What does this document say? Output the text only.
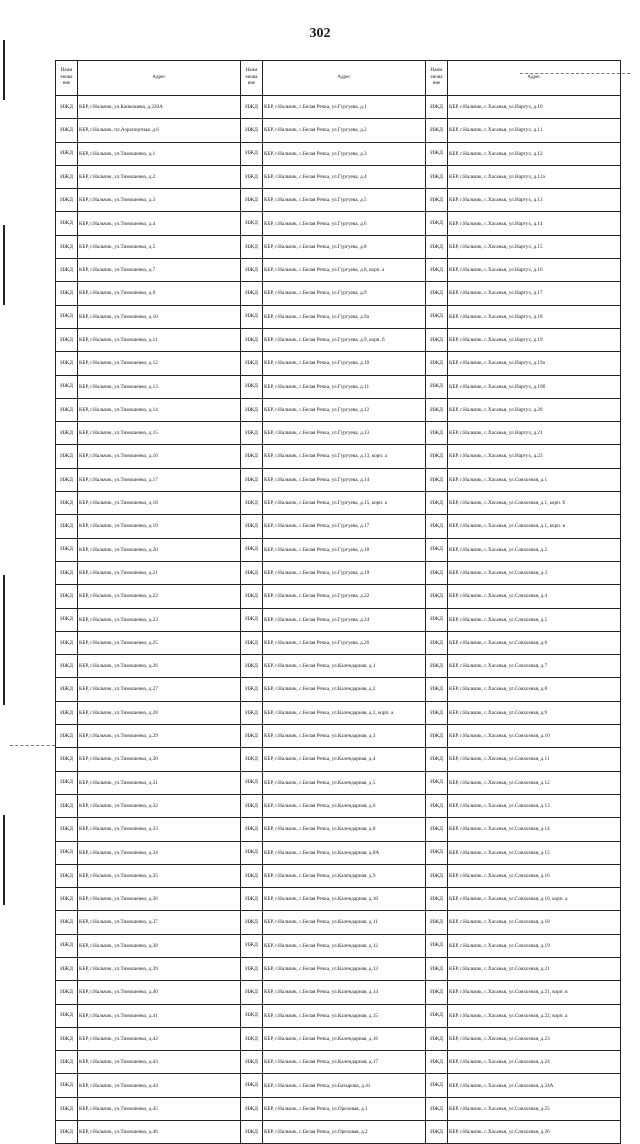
302
Наим енова ние	Адрес	Наим енова ние	Адрес	Наим енова ние	Адрес
ИЖД	КБР, г.Нальчик, ул.Канкошева, д.220А	ИЖД	КБР, г.Нальчик, с.Белая Речка, ул.Гургуева, д.1	ИЖД	КБР, г.Нальчик, с.Хасанья, ул.Нартух, д.10
ИЖД	КБР, г.Нальчик, пл.Аэропортная, д.6	ИЖД	КБР, г.Нальчик, с.Белая Речка, ул.Гургуева, д.2	ИЖД	КБР, г.Нальчик, с.Хасанья, ул.Нартух, д.11
ИЖД	КБР, г.Нальчик, ул.Тимошенко, д.1	ИЖД	КБР, г.Нальчик, с.Белая Речка, ул.Гургуева, д.3	ИЖД	КБР, г.Нальчик, с.Хасанья, ул.Нартух, д.12
ИЖД	КБР, г.Нальчик, ул.Тимошенко, д.2	ИЖД	КБР, г.Нальчик, с.Белая Речка, ул.Гургуева, д.4	ИЖД	КБР, г.Нальчик, с.Хасанья, ул.Нартух, д.12а
ИЖД	КБР, г.Нальчик, ул.Тимошенко, д.3	ИЖД	КБР, г.Нальчик, с.Белая Речка, ул.Гургуева, д.5	ИЖД	КБР, г.Нальчик, с.Хасанья, ул.Нартух, д.13
ИЖД	КБР, г.Нальчик, ул.Тимошенко, д.4	ИЖД	КБР, г.Нальчик, с.Белая Речка, ул.Гургуева, д.6	ИЖД	КБР, г.Нальчик, с.Хасанья, ул.Нартух, д.14
ИЖД	КБР, г.Нальчик, ул.Тимошенко, д.5	ИЖД	КБР, г.Нальчик, с.Белая Речка, ул.Гургуева, д.8	ИЖД	КБР, г.Нальчик, с.Хасанья, ул.Нартух, д.15
ИЖД	КБР, г.Нальчик, ул.Тимошенко, д.7	ИЖД	КБР, г.Нальчик, с.Белая Речка, ул.Гургуева, д.8, корп. а	ИЖД	КБР, г.Нальчик, с.Хасанья, ул.Нартух, д.16
ИЖД	КБР, г.Нальчик, ул.Тимошенко, д.9	ИЖД	КБР, г.Нальчик, с.Белая Речка, ул.Гургуева, д.9	ИЖД	КБР, г.Нальчик, с.Хасанья, ул.Нартух, д.17
ИЖД	КБР, г.Нальчик, ул.Тимошенко, д.10	ИЖД	КБР, г.Нальчик, с.Белая Речка, ул.Гургуева, д.9а	ИЖД	КБР, г.Нальчик, с.Хасанья, ул.Нартух, д.18
ИЖД	КБР, г.Нальчик, ул.Тимошенко, д.11	ИЖД	КБР, г.Нальчик, с.Белая Речка, ул.Гургуева, д.9, корп. б	ИЖД	КБР, г.Нальчик, с.Хасанья, ул.Нартух, д.19
ИЖД	КБР, г.Нальчик, ул.Тимошенко, д.12	ИЖД	КБР, г.Нальчик, с.Белая Речка, ул.Гургуева, д.10	ИЖД	КБР, г.Нальчик, с.Хасанья, ул.Нартух, д.19а
ИЖД	КБР, г.Нальчик, ул.Тимошенко, д.13	ИЖД	КБР, г.Нальчик, с.Белая Речка, ул.Гургуева, д.11	ИЖД	КБР, г.Нальчик, с.Хасанья, ул.Нартух, д.19б
ИЖД	КБР, г.Нальчик, ул.Тимошенко, д.14	ИЖД	КБР, г.Нальчик, с.Белая Речка, ул.Гургуева, д.12	ИЖД	КБР, г.Нальчик, с.Хасанья, ул.Нартух, д.20
ИЖД	КБР, г.Нальчик, ул.Тимошенко, д.15	ИЖД	КБР, г.Нальчик, с.Белая Речка, ул.Гургуева, д.13	ИЖД	КБР, г.Нальчик, с.Хасанья, ул.Нартух, д.21
ИЖД	КБР, г.Нальчик, ул.Тимошенко, д.16	ИЖД	КБР, г.Нальчик, с.Белая Речка, ул.Гургуева, д.13, корп. а	ИЖД	КБР, г.Нальчик, с.Хасанья, ул.Нартух, д.23
ИЖД	КБР, г.Нальчик, ул.Тимошенко, д.17	ИЖД	КБР, г.Нальчик, с.Белая Речка, ул.Гургуева, д.14	ИЖД	КБР, г.Нальчик, с.Хасанья, ул.Совхозная, д.1
ИЖД	КБР, г.Нальчик, ул.Тимошенко, д.18	ИЖД	КБР, г.Нальчик, с.Белая Речка, ул.Гургуева, д.15, корп. а	ИЖД	КБР, г.Нальчик, с.Хасанья, ул.Совхозная, д.1, корп. б
ИЖД	КБР, г.Нальчик, ул.Тимошенко, д.19	ИЖД	КБР, г.Нальчик, с.Белая Речка, ул.Гургуева, д.17	ИЖД	КБР, г.Нальчик, с.Хасанья, ул.Совхозная, д.1, корп. в
ИЖД	КБР, г.Нальчик, ул.Тимошенко, д.20	ИЖД	КБР, г.Нальчик, с.Белая Речка, ул.Гургуева, д.18	ИЖД	КБР, г.Нальчик, с.Хасанья, ул.Совхозная, д.2
ИЖД	КБР, г.Нальчик, ул.Тимошенко, д.21	ИЖД	КБР, г.Нальчик, с.Белая Речка, ул.Гургуева, д.19	ИЖД	КБР, г.Нальчик, с.Хасанья, ул.Совхозная, д.3
ИЖД	КБР, г.Нальчик, ул.Тимошенко, д.22	ИЖД	КБР, г.Нальчик, с.Белая Речка, ул.Гургуева, д.22	ИЖД	КБР, г.Нальчик, с.Хасанья, ул.Совхозная, д.4
ИЖД	КБР, г.Нальчик, ул.Тимошенко, д.23	ИЖД	КБР, г.Нальчик, с.Белая Речка, ул.Гургуева, д.24	ИЖД	КБР, г.Нальчик, с.Хасанья, ул.Совхозная, д.5
ИЖД	КБР, г.Нальчик, ул.Тимошенко, д.25	ИЖД	КБР, г.Нальчик, с.Белая Речка, ул.Гургуева, д.26	ИЖД	КБР, г.Нальчик, с.Хасанья, ул.Совхозная, д.6
ИЖД	КБР, г.Нальчик, ул.Тимошенко, д.26	ИЖД	КБР, г.Нальчик, с.Белая Речка, ул.Календарная, д.1	ИЖД	КБР, г.Нальчик, с.Хасанья, ул.Совхозная, д.7
ИЖД	КБР, г.Нальчик, ул.Тимошенко, д.27	ИЖД	КБР, г.Нальчик, с.Белая Речка, ул.Календарная, д.2	ИЖД	КБР, г.Нальчик, с.Хасанья, ул.Совхозная, д.8
ИЖД	КБР, г.Нальчик, ул.Тимошенко, д.28	ИЖД	КБР, г.Нальчик, с.Белая Речка, ул.Календарная, д.2, корп. а	ИЖД	КБР, г.Нальчик, с.Хасанья, ул.Совхозная, д.9
ИЖД	КБР, г.Нальчик, ул.Тимошенко, д.29	ИЖД	КБР, г.Нальчик, с.Белая Речка, ул.Календарная, д.3	ИЖД	КБР, г.Нальчик, с.Хасанья, ул.Совхозная, д.10
ИЖД	КБР, г.Нальчик, ул.Тимошенко, д.30	ИЖД	КБР, г.Нальчик, с.Белая Речка, ул.Календарная, д.4	ИЖД	КБР, г.Нальчик, с.Хасанья, ул.Совхозная, д.11
ИЖД	КБР, г.Нальчик, ул.Тимошенко, д.31	ИЖД	КБР, г.Нальчик, с.Белая Речка, ул.Календарная, д.5	ИЖД	КБР, г.Нальчик, с.Хасанья, ул.Совхозная, д.12
ИЖД	КБР, г.Нальчик, ул.Тимошенко, д.32	ИЖД	КБР, г.Нальчик, с.Белая Речка, ул.Календарная, д.6	ИЖД	КБР, г.Нальчик, с.Хасанья, ул.Совхозная, д.13
ИЖД	КБР, г.Нальчик, ул.Тимошенко, д.33	ИЖД	КБР, г.Нальчик, с.Белая Речка, ул.Календарная, д.8	ИЖД	КБР, г.Нальчик, с.Хасанья, ул.Совхозная, д.14
ИЖД	КБР, г.Нальчик, ул.Тимошенко, д.34	ИЖД	КБР, г.Нальчик, с.Белая Речка, ул.Календарная, д.8А	ИЖД	КБР, г.Нальчик, с.Хасанья, ул.Совхозная, д.15
ИЖД	КБР, г.Нальчик, ул.Тимошенко, д.35	ИЖД	КБР, г.Нальчик, с.Белая Речка, ул.Календарная, д.9	ИЖД	КБР, г.Нальчик, с.Хасанья, ул.Совхозная, д.16
ИЖД	КБР, г.Нальчик, ул.Тимошенко, д.36	ИЖД	КБР, г.Нальчик, с.Белая Речка, ул.Календарная, д.10	ИЖД	КБР, г.Нальчик, с.Хасанья, ул.Совхозная, д.16, корп. а
ИЖД	КБР, г.Нальчик, ул.Тимошенко, д.37	ИЖД	КБР, г.Нальчик, с.Белая Речка, ул.Календарная, д.11	ИЖД	КБР, г.Нальчик, с.Хасанья, ул.Совхозная, д.18
ИЖД	КБР, г.Нальчик, ул.Тимошенко, д.38	ИЖД	КБР, г.Нальчик, с.Белая Речка, ул.Календарная, д.12	ИЖД	КБР, г.Нальчик, с.Хасанья, ул.Совхозная, д.19
ИЖД	КБР, г.Нальчик, ул.Тимошенко, д.39	ИЖД	КБР, г.Нальчик, с.Белая Речка, ул.Календарная, д.13	ИЖД	КБР, г.Нальчик, с.Хасанья, ул.Совхозная, д.21
ИЖД	КБР, г.Нальчик, ул.Тимошенко, д.40	ИЖД	КБР, г.Нальчик, с.Белая Речка, ул.Календарная, д.14	ИЖД	КБР, г.Нальчик, с.Хасанья, ул.Совхозная, д.21, корп. в
ИЖД	КБР, г.Нальчик, ул.Тимошенко, д.41	ИЖД	КБР, г.Нальчик, с.Белая Речка, ул.Календарная, д.15	ИЖД	КБР, г.Нальчик, с.Хасанья, ул.Совхозная, д.22, корп. а
ИЖД	КБР, г.Нальчик, ул.Тимошенко, д.42	ИЖД	КБР, г.Нальчик, с.Белая Речка, ул.Календарная, д.16	ИЖД	КБР, г.Нальчик, с.Хасанья, ул.Совхозная, д.23
ИЖД	КБР, г.Нальчик, ул.Тимошенко, д.43	ИЖД	КБР, г.Нальчик, с.Белая Речка, ул.Календарная, д.17	ИЖД	КБР, г.Нальчик, с.Хасанья, ул.Совхозная, д.24
ИЖД	КБР, г.Нальчик, ул.Тимошенко, д.44	ИЖД	КБР, г.Нальчик, с.Белая Речка, ул.Батырова, д.41	ИЖД	КБР, г.Нальчик, с.Хасанья, ул.Совхозная, д.24А
ИЖД	КБР, г.Нальчик, ул.Тимошенко, д.45	ИЖД	КБР, г.Нальчик, с.Белая Речка, ул.Ореховая, д.1	ИЖД	КБР, г.Нальчик, с.Хасанья, ул.Совхозная, д.25
ИЖД	КБР, г.Нальчик, ул.Тимошенко, д.46	ИЖД	КБР, г.Нальчик, с.Белая Речка, ул.Ореховая, д.2	ИЖД	КБР, г.Нальчик, с.Хасанья, ул.Совхозная, д.26
